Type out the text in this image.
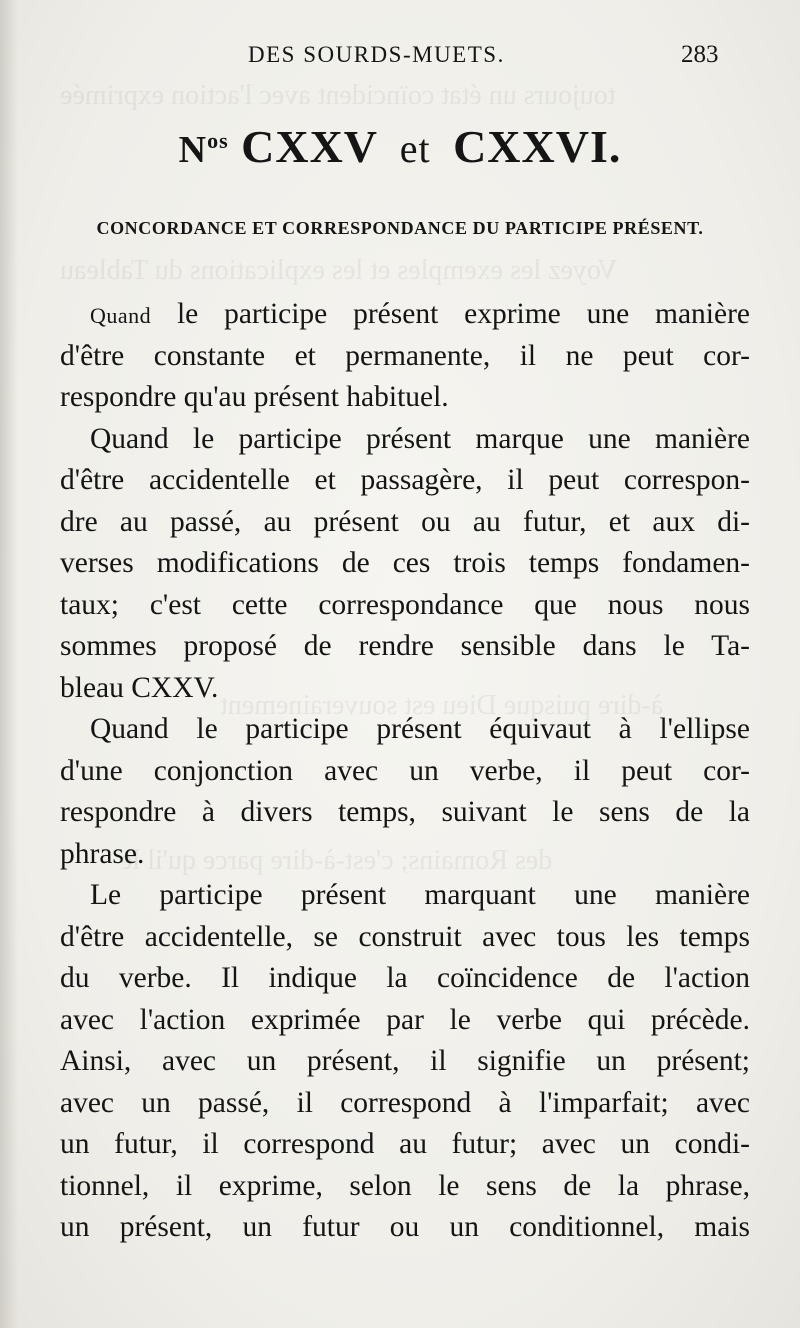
toujours un état coïncident avec l'action exprimée
Voyez les exemples et les explications du Tableau
à-dire puisque Dieu est souverainement
des Romains; c'est-à-dire parce qu'il le
DES SOURDS-MUETS.	283
$N^{os}$ CXXV et CXXVI.
CONCORDANCE ET CORRESPONDANCE DU PARTICIPE PRÉSENT.
Quand le participe présent exprime une manière
d'être constante et permanente, il ne peut cor-
respondre qu'au présent habituel.
Quand le participe présent marque une manière
d'être accidentelle et passagère, il peut correspon-
dre au passé, au présent ou au futur, et aux di-
verses modifications de ces trois temps fondamen-
taux; c'est cette correspondance que nous nous
sommes proposé de rendre sensible dans le Ta-
bleau CXXV.
Quand le participe présent équivaut à l'ellipse
d'une conjonction avec un verbe, il peut cor-
respondre à divers temps, suivant le sens de la
phrase.
Le participe présent marquant une manière
d'être accidentelle, se construit avec tous les temps
du verbe. Il indique la coïncidence de l'action
avec l'action exprimée par le verbe qui précède.
Ainsi, avec un présent, il signifie un présent;
avec un passé, il correspond à l'imparfait; avec
un futur, il correspond au futur; avec un condi-
tionnel, il exprime, selon le sens de la phrase,
un présent, un futur ou un conditionnel, mais
